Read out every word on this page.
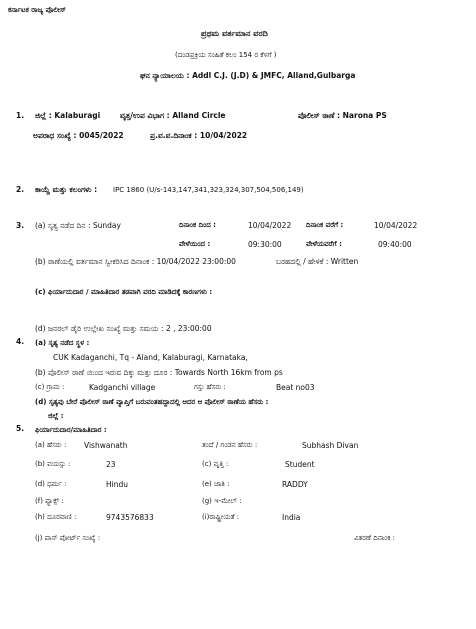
ಕರ್ನಾಟಕ ರಾಜ್ಯ ಪೊಲೀಸ್
ಪ್ರಥಮ ವರ್ತಮಾನ ವರದಿ
(ದಂಡಪ್ರಕ್ರಿಯ ಸಂಹಿತೆ ಕಲಂ 154 ರ ಕೆಳಗೆ )
ಘನ ನ್ಯಾಯಾಲಯ : Addl C.J. (J.D) & JMFC, Alland,Gulbarga
1. ಜಿಲ್ಲೆ : Kalaburagi	ವೃತ್ತ/ಉಪ ವಿಭಾಗ : Alland Circle	ಪೊಲೀಸ್ ಠಾಣೆ : Narona PS
ಅಪರಾಧ ಸಂಖ್ಯೆ : 0045/2022	ಪ್ರ.ವ.ವ.ದಿನಾಂಕ : 10/04/2022
2. ಕಾಯ್ದೆ ಮತ್ತು ಕಲಂಗಳು : IPC 1860 (U/s-143,147,341,323,324,307,504,506,149)
3. (a) ಸೃತ್ಯ ನಡೆದ ದಿನ : Sunday	ದಿನಾಂಕ ದಿಂದ :	10/04/2022 ದಿನಾಂಕ ವರೆಗೆ :	10/04/2022
ವೇಳೆಯಿಂದ :	09:30:00	ವೇಳೆಯವರೆಗೆ :	09:40:00
(b) ಠಾಣೆಯಲ್ಲಿ ವರ್ತಮಾನ ಸ್ವೀಕರಿಸಿದ ದಿನಾಂಕ : 10/04/2022 23:00:00	ಬರಹದಲ್ಲಿ / ಹೇಳಿಕೆ : Written
(c) ಫಿರ್ಯಾದುದಾರ / ಮಾಹಿತಿದಾರ ತಡವಾಗಿ ವರದಿ ಮಾಡಿದಕ್ಕೆ ಕಾರಣಗಳು :
(d) ಜನರಲ್ ಡೈರಿ ಉಲ್ಲೇಖ ಸಂಖ್ಯೆ ಮತ್ತು ಸಮಯ : 2 , 23:00:00
4. (a) ಸೃತ್ಯ ನಡೆದ ಸ್ಥಳ :
CUK Kadaganchi, Tq - Aland, Kalaburagi, Karnataka,
(b) ಪೊಲೀಸ್ ಠಾಣೆ ಯಿಂದ ಇರುವ ದಿಕ್ಕು ಮತ್ತು ದೂರ : Towards North 16km from ps
(c) ಗ್ರಾಮ :	Kadganchi village	ಗಸ್ತು ಹೆಸರು :	Beat no03
(d) ಸೃತ್ಯವು ಬೇರೆ ಪೊಲೀಸ್ ಠಾಣೆ ವ್ಯಾಪ್ತಿಗೆ ಬರುವಂತಹದ್ದಾದಲ್ಲಿ ಆದರ ಆ ಪೊಲೀಸ್ ಠಾಣೆಯ ಹೆಸರು :
ಜಿಲ್ಲೆ :
5. ಫಿರ್ಯಾದುದಾರ/ಮಾಹಿತಿದಾರ :
(a) ಹೆಸರು : Vishwanath	ತಂದೆ / ಗಂಡನ ಹೆಸರು :	Subhash Divan
(b) ವಯಸ್ಸು :	23	(c) ವೃತ್ತಿ :	Student
(d) ಧರ್ಮ :	Hindu	(e) ಜಾತಿ :	RADDY
(f) ಫ್ಯಾಕ್ಸ್ :	(g) ಇ-ಮೇಲ್ :
(h) ದೂರವಾಣಿ :	9743576833	(i)ರಾಷ್ಟ್ರೀಯತೆ :	India
(j) ಪಾಸ್ ಪೋರ್ಟ್ ಸಂಖ್ಯೆ :	ವಿತರಣೆ ದಿನಾಂಕ :
